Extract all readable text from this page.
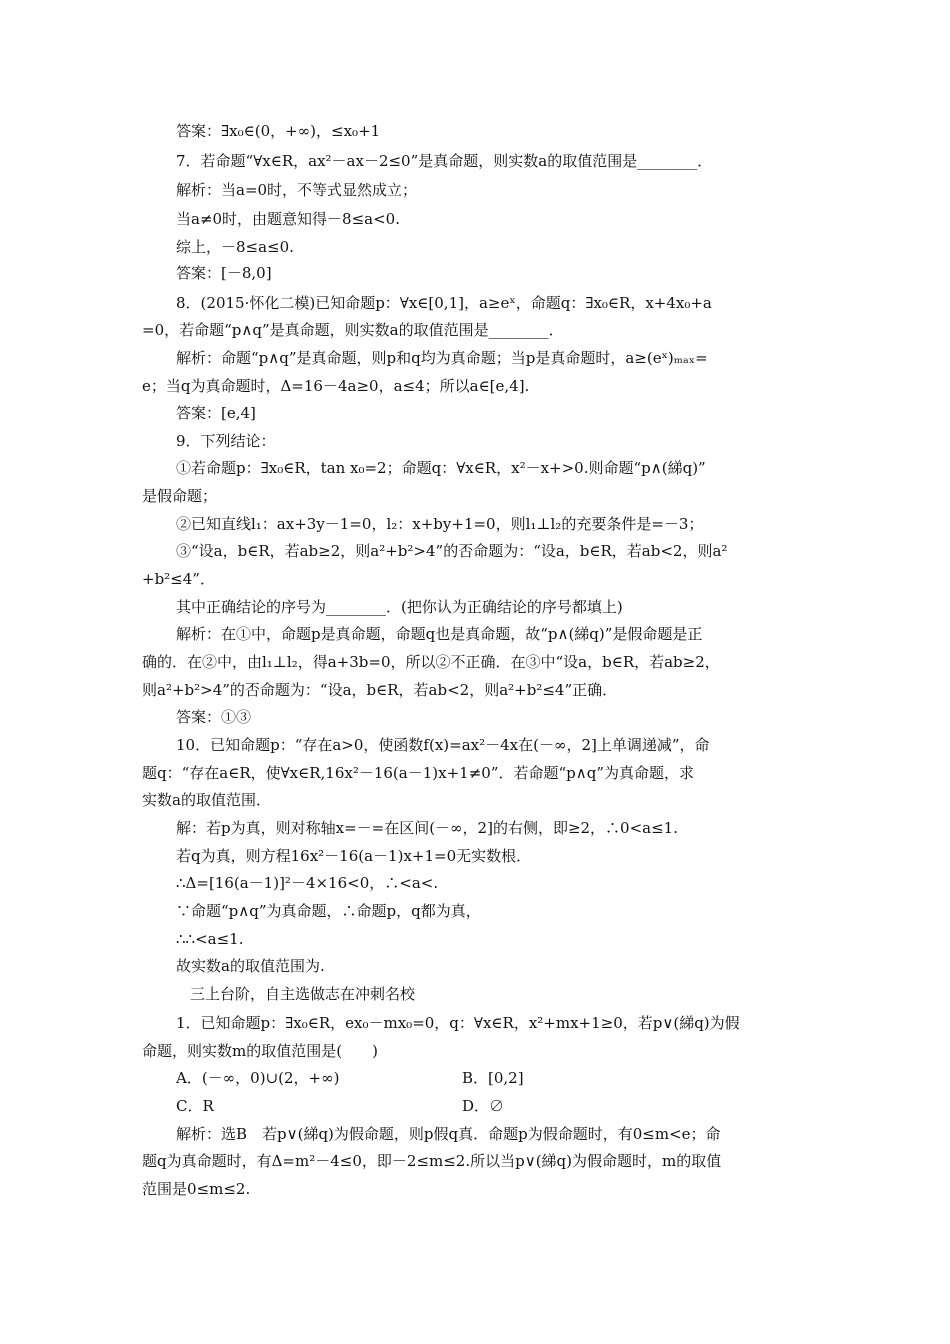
答案：∃x₀∈(0，+∞)，≤x₀+1
7．若命题“∀x∈R，ax²－ax－2≤0”是真命题，则实数a的取值范围是________．
解析：当a=0时，不等式显然成立；
当a≠0时，由题意知得－8≤a<0.
综上，－8≤a≤0.
答案：[－8,0]
8．(2015·怀化二模)已知命题p：∀x∈[0,1]，a≥eˣ，命题q：∃x₀∈R，x+4x₀+a
=0，若命题“p∧q”是真命题，则实数a的取值范围是________．
解析：命题“p∧q”是真命题，则p和q均为真命题；当p是真命题时，a≥(eˣ)ₘₐₓ=
e；当q为真命题时，Δ=16－4a≥0，a≤4；所以a∈[e,4].
答案：[e,4]
9．下列结论：
①若命题p：∃x₀∈R，tan x₀=2；命题q：∀x∈R，x²－x+>0.则命题“p∧(綈q)”
是假命题；
②已知直线l₁：ax+3y－1=0，l₂：x+by+1=0，则l₁⊥l₂的充要条件是=－3；
③“设a，b∈R，若ab≥2，则a²+b²>4”的否命题为：“设a，b∈R，若ab<2，则a²
+b²≤4”．
其中正确结论的序号为________．(把你认为正确结论的序号都填上)
解析：在①中，命题p是真命题，命题q也是真命题，故“p∧(綈q)”是假命题是正
确的．在②中，由l₁⊥l₂，得a+3b=0，所以②不正确．在③中“设a，b∈R，若ab≥2，
则a²+b²>4”的否命题为：“设a，b∈R，若ab<2，则a²+b²≤4”正确．
答案：①③
10．已知命题p：“存在a>0，使函数f(x)=ax²－4x在(－∞，2]上单调递减”，命
题q：“存在a∈R，使∀x∈R,16x²－16(a－1)x+1≠0”．若命题“p∧q”为真命题，求
实数a的取值范围．
解：若p为真，则对称轴x=－=在区间(－∞，2]的右侧，即≥2，∴0<a≤1.
若q为真，则方程16x²－16(a－1)x+1=0无实数根．
∴Δ=[16(a－1)]²－4×16<0，∴<a<.
∵命题“p∧q”为真命题，∴命题p，q都为真，
∴∴<a≤1.
故实数a的取值范围为.
三上台阶，自主选做志在冲刺名校
1．已知命题p：∃x₀∈R，ex₀－mx₀=0，q：∀x∈R，x²+mx+1≥0，若p∨(綈q)为假
命题，则实数m的取值范围是(　　)
A．(－∞，0)∪(2，+∞)	B．[0,2]
C．R	D．∅
解析：选B　若p∨(綈q)为假命题，则p假q真．命题p为假命题时，有0≤m<e；命
题q为真命题时，有Δ=m²－4≤0，即－2≤m≤2.所以当p∨(綈q)为假命题时，m的取值
范围是0≤m≤2.
